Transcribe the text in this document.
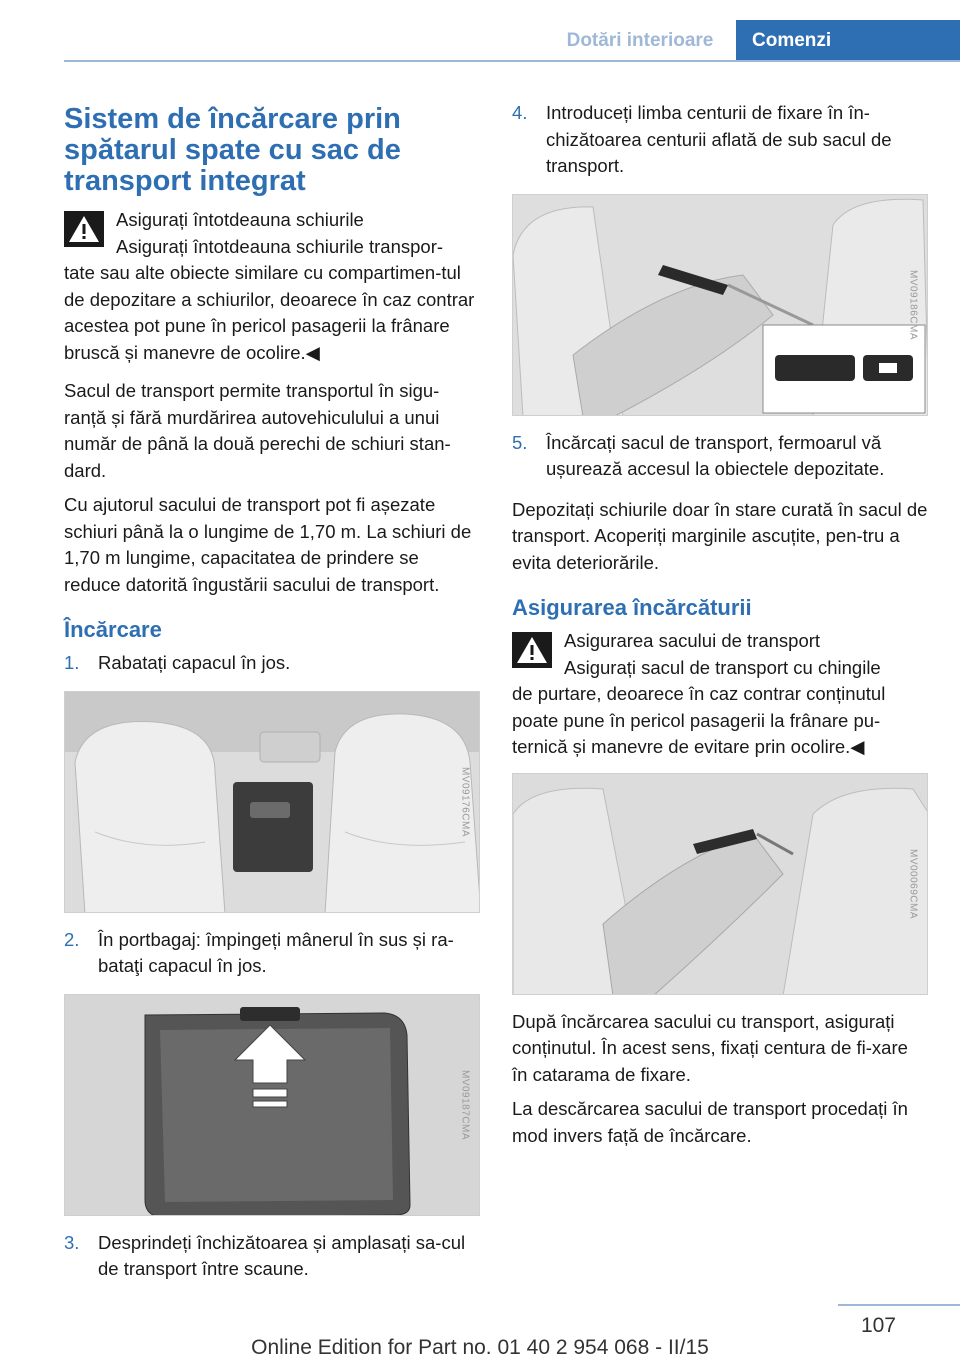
Dotări interioare	Comenzi
Sistem de încărcare prin spătarul spate cu sac de transport integrat
Asigurați întotdeauna schiurile
Asigurați întotdeauna schiurile transpor‐
tate sau alte obiecte similare cu compartimen‐tul de depozitare a schiurilor, deoarece în caz contrar acestea pot pune în pericol pasagerii la frânare bruscă și manevre de ocolire.◀

Sacul de transport permite transportul în sigu‐ranță și fără murdărirea autovehiculului a unui număr de până la două perechi de schiuri stan‐dard.

Cu ajutorul sacului de transport pot fi așezate schiuri până la o lungime de 1,70 m. La schiuri de 1,70 m lungime, capacitatea de prindere se reduce datorită îngustării sacului de transport.

Încărcare
1.	Rabatați capacul în jos.
MV09176CMA
2.	În portbagaj: împingeți mânerul în sus și ra‐bataţi capacul în jos.
MV09187CMA
3.	Desprindeți închizătoarea și amplasați sa‐cul de transport între scaune.
4.	Introduceți limba centurii de fixare în în‐chizătoarea centurii aflată de sub sacul de transport.
MV09186CMA
5.	Încărcați sacul de transport, fermoarul vă ușurează accesul la obiectele depozitate.

Depozitați schiurile doar în stare curată în sacul de transport. Acoperiți marginile ascuțite, pen‐tru a evita deteriorările.

Asigurarea încărcăturii
Asigurarea sacului de transport
Asigurați sacul de transport cu chingile
de purtare, deoarece în caz contrar conținutul poate pune în pericol pasagerii la frânare pu‐ternică și manevre de evitare prin ocolire.◀
MV00069CMA

După încărcarea sacului cu transport, asigurați conținutul. În acest sens, fixați centura de fi‐xare în catarama de fixare.

La descărcarea sacului de transport procedați în mod invers față de încărcare.

107
Online Edition for Part no. 01 40 2 954 068 - II/15
